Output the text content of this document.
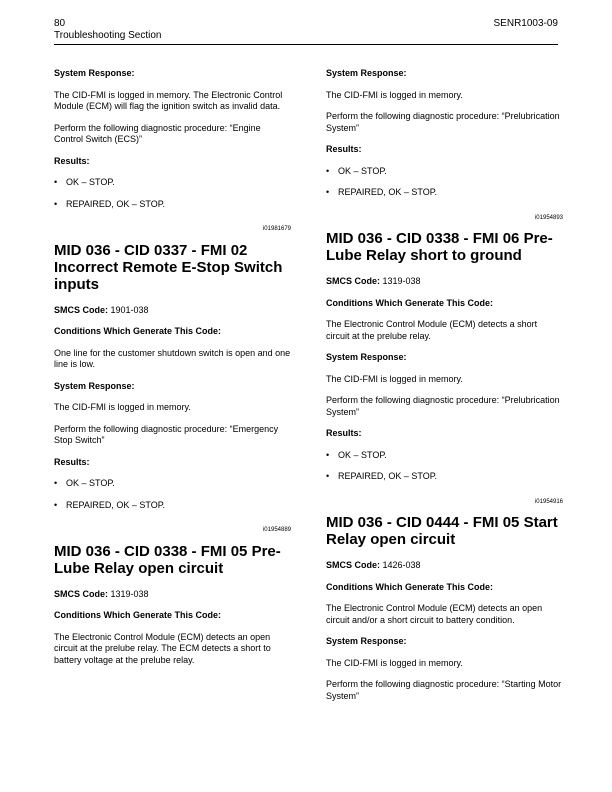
80
Troubleshooting Section
SENR1003-09
System Response:
The CID-FMI is logged in memory. The Electronic Control Module (ECM) will flag the ignition switch as invalid data.
Perform the following diagnostic procedure: “Engine Control Switch (ECS)”
Results:
• OK – STOP.
• REPAIRED, OK – STOP.
i01981679
MID 036 - CID 0337 - FMI 02 Incorrect Remote E-Stop Switch inputs
SMCS Code: 1901-038
Conditions Which Generate This Code:
One line for the customer shutdown switch is open and one line is low.
System Response:
The CID-FMI is logged in memory.
Perform the following diagnostic procedure: “Emergency Stop Switch”
Results:
• OK – STOP.
• REPAIRED, OK – STOP.
i01954889
MID 036 - CID 0338 - FMI 05 Pre-Lube Relay open circuit
SMCS Code: 1319-038
Conditions Which Generate This Code:
The Electronic Control Module (ECM) detects an open circuit at the prelube relay. The ECM detects a short to battery voltage at the prelube relay.
System Response:
The CID-FMI is logged in memory.
Perform the following diagnostic procedure: “Prelubrication System”
Results:
• OK – STOP.
• REPAIRED, OK – STOP.
i01954893
MID 036 - CID 0338 - FMI 06 Pre-Lube Relay short to ground
SMCS Code: 1319-038
Conditions Which Generate This Code:
The Electronic Control Module (ECM) detects a short circuit at the prelube relay.
System Response:
The CID-FMI is logged in memory.
Perform the following diagnostic procedure: “Prelubrication System”
Results:
• OK – STOP.
• REPAIRED, OK – STOP.
i01954916
MID 036 - CID 0444 - FMI 05 Start Relay open circuit
SMCS Code: 1426-038
Conditions Which Generate This Code:
The Electronic Control Module (ECM) detects an open circuit and/or a short circuit to battery condition.
System Response:
The CID-FMI is logged in memory.
Perform the following diagnostic procedure: “Starting Motor System”
